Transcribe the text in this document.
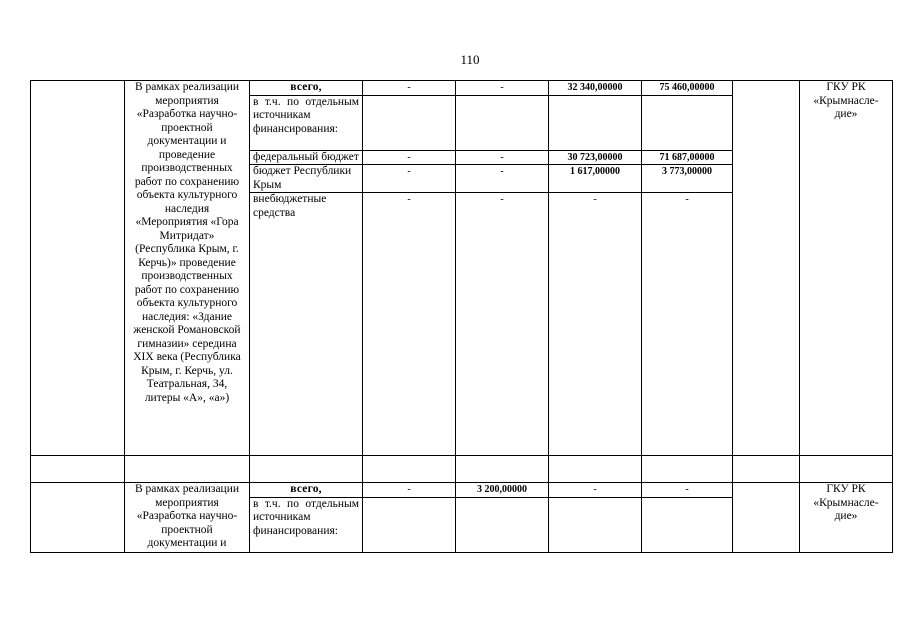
110
	В рамках реализации мероприятия «Разработка научно-проектной документации и проведение производственных работ по сохранению объекта культурного наследия «Мероприятия «Гора Митридат» (Республика Крым, г. Керчь)» проведение производственных работ по сохранению объекта культурного наследия: «Здание женской Романовской гимназии» середина XIX века (Республика Крым, г. Керчь, ул. Театральная, 34, литеры «А», «а»)	всего,	-	-	32 340,00000	75 460,00000		ГКУ РК
«Крымнасле-дие»

		в т.ч. по отдельным источникам финансирования:						
		федеральный бюджет	-	-	30 723,00000	71 687,00000		
		бюджет Республики Крым	-	-	1 617,00000	3 773,00000		
		внебюджетные средства	-	-	-	-		

	В рамках реализации мероприятия «Разработка научно-проектной документации и	всего,	-	3 200,00000	-	-		ГКУ РК
«Крымнасле-дие»

		в т.ч. по отдельным источникам финансирования:						
